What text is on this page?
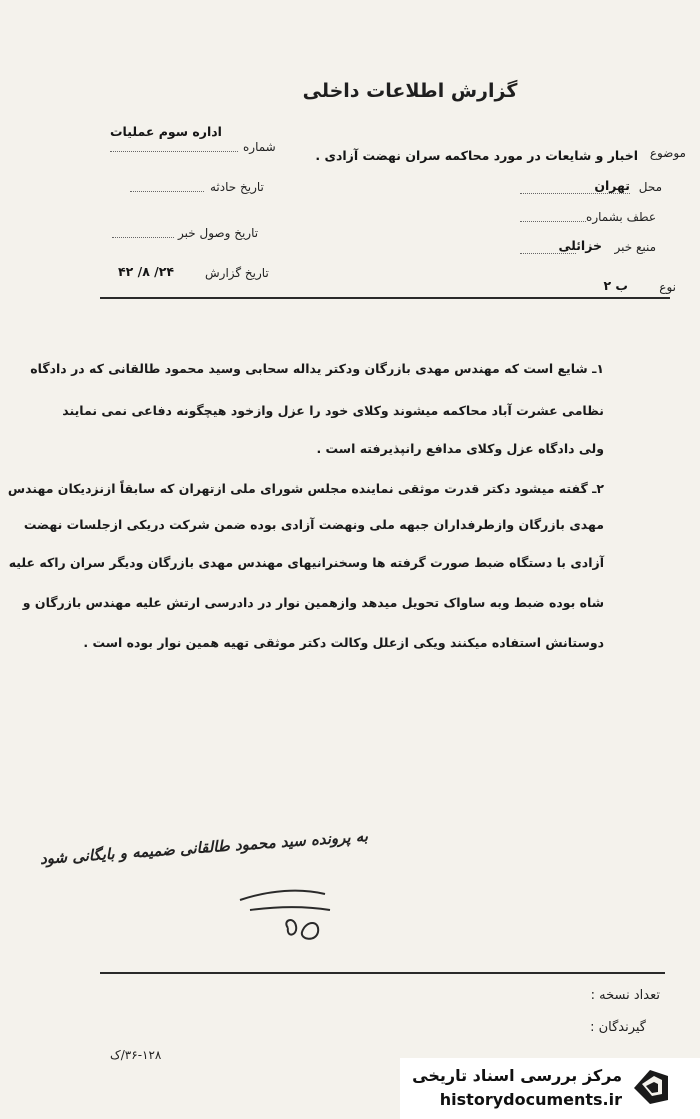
گزارش اطلاعات داخلی
شماره
اداره سوم عملیات
تاریخ حادثه
تاریخ وصول خبر
تاریخ گزارش
۲۴/ ۸/ ۴۲
موضوع
اخبار و شایعات در مورد محاکمه سران نهضت آزادی .
محل
تهران
عطف بشماره
منبع خبر
خزائلی
نوع
ب ۲
۱ـ شایع است که مهندس مهدی بازرگان ودکتر یداله سحابی وسید محمود طالقانی که در دادگاه
نظامی عشرت آباد محاکمه میشوند وکلای خود را عزل وازخود هیچگونه دفاعی نمی نمایند
ولی دادگاه عزل وکلای مدافع رانپذیرفته است .
۲ـ گفته میشود دکتر قدرت موثقی نماینده مجلس شورای ملی ازتهران که سابقاً ازنزدیکان مهندس
مهدی بازرگان وازطرفداران جبهه ملی ونهضت آزادی بوده ضمن شرکت دریکی ازجلسات نهضت
آزادی با دستگاه ضبط صورت گرفته ها وسخنرانیهای مهندس مهدی بازرگان ودیگر سران راکه علیه
شاه بوده ضبط وبه ساواک تحویل میدهد وازهمین نوار در دادرسی ارتش علیه مهندس بازرگان و
دوستانش استفاده میکنند ویکی ازعلل وکالت دکتر موثقی تهیه همین نوار بوده است .
به پرونده سید محمود طالقانی ضمیمه و بایگانی شود
تعداد نسخه :
گیرندگان :
۳۶-۱۲۸/ک
مرکز بررسی اسناد تاریخی
historydocuments.ir
